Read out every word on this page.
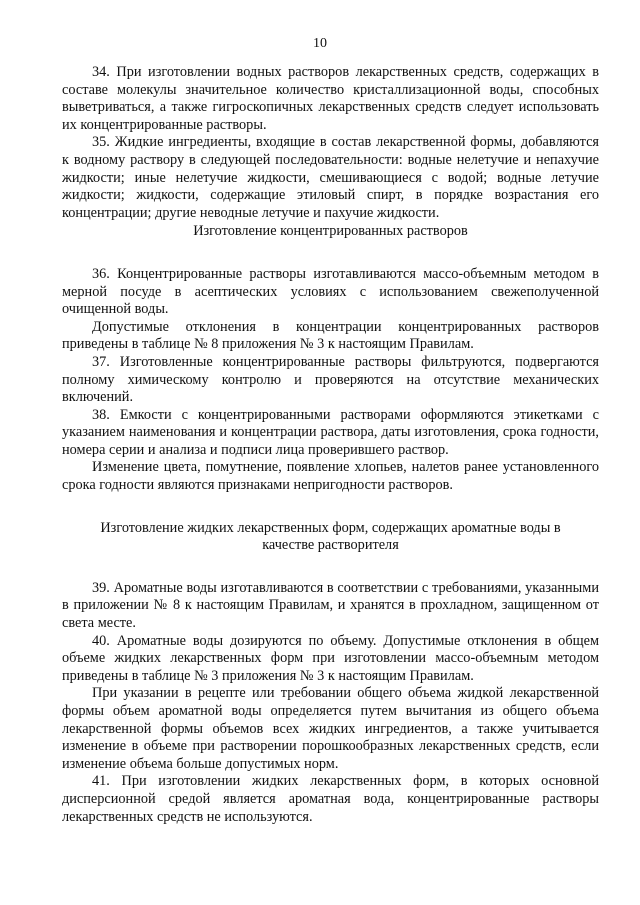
10

34. При изготовлении водных растворов лекарственных средств, содержащих в составе молекулы значительное количество кристаллизационной воды, способных выветриваться, а также гигроскопичных лекарственных средств следует использовать их концентрированные растворы.

35. Жидкие ингредиенты, входящие в состав лекарственной формы, добавляются к водному раствору в следующей последовательности: водные нелетучие и непахучие жидкости; иные нелетучие жидкости, смешивающиеся с водой; водные летучие жидкости; жидкости, содержащие этиловый спирт, в порядке возрастания его концентрации; другие неводные летучие и пахучие жидкости.

Изготовление концентрированных растворов

36. Концентрированные растворы изготавливаются массо-объемным методом в мерной посуде в асептических условиях с использованием свежеполученной очищенной воды.

Допустимые отклонения в концентрации концентрированных растворов приведены в таблице № 8 приложения № 3 к настоящим Правилам.

37. Изготовленные концентрированные растворы фильтруются, подвергаются полному химическому контролю и проверяются на отсутствие механических включений.

38. Емкости с концентрированными растворами оформляются этикетками с указанием наименования и концентрации раствора, даты изготовления, срока годности, номера серии и анализа и подписи лица проверившего раствор.

Изменение цвета, помутнение, появление хлопьев, налетов ранее установленного срока годности являются признаками непригодности растворов.

Изготовление жидких лекарственных форм, содержащих ароматные воды в

качестве растворителя

39. Ароматные воды изготавливаются в соответствии с требованиями, указанными в приложении № 8 к настоящим Правилам, и хранятся в прохладном, защищенном от света месте.

40. Ароматные воды дозируются по объему. Допустимые отклонения в общем объеме жидких лекарственных форм при изготовлении массо-объемным методом приведены в таблице № 3 приложения № 3 к настоящим Правилам.

При указании в рецепте или требовании общего объема жидкой лекарственной формы объем ароматной воды определяется путем вычитания из общего объема лекарственной формы объемов всех жидких ингредиентов, а также учитывается изменение в объеме при растворении порошкообразных лекарственных средств, если изменение объема больше допустимых норм.

41. При изготовлении жидких лекарственных форм, в которых основной дисперсионной средой является ароматная вода, концентрированные растворы лекарственных средств не используются.
